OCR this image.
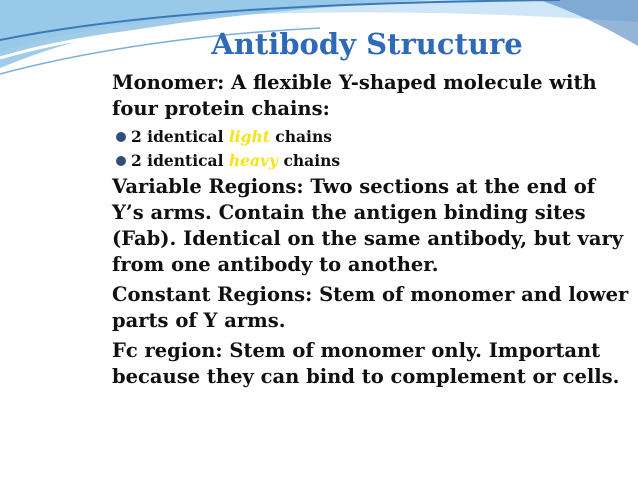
Antibody Structure
Monomer: A flexible Y-shaped molecule with four protein chains:
2 identical light chains
2 identical heavy chains
Variable Regions: Two sections at the end of Y’s arms. Contain the antigen binding sites (Fab). Identical on the same antibody, but vary from one antibody to another.
Constant Regions: Stem of monomer and lower parts of Y arms.
Fc region: Stem of monomer only. Important because they can bind to complement or cells.
